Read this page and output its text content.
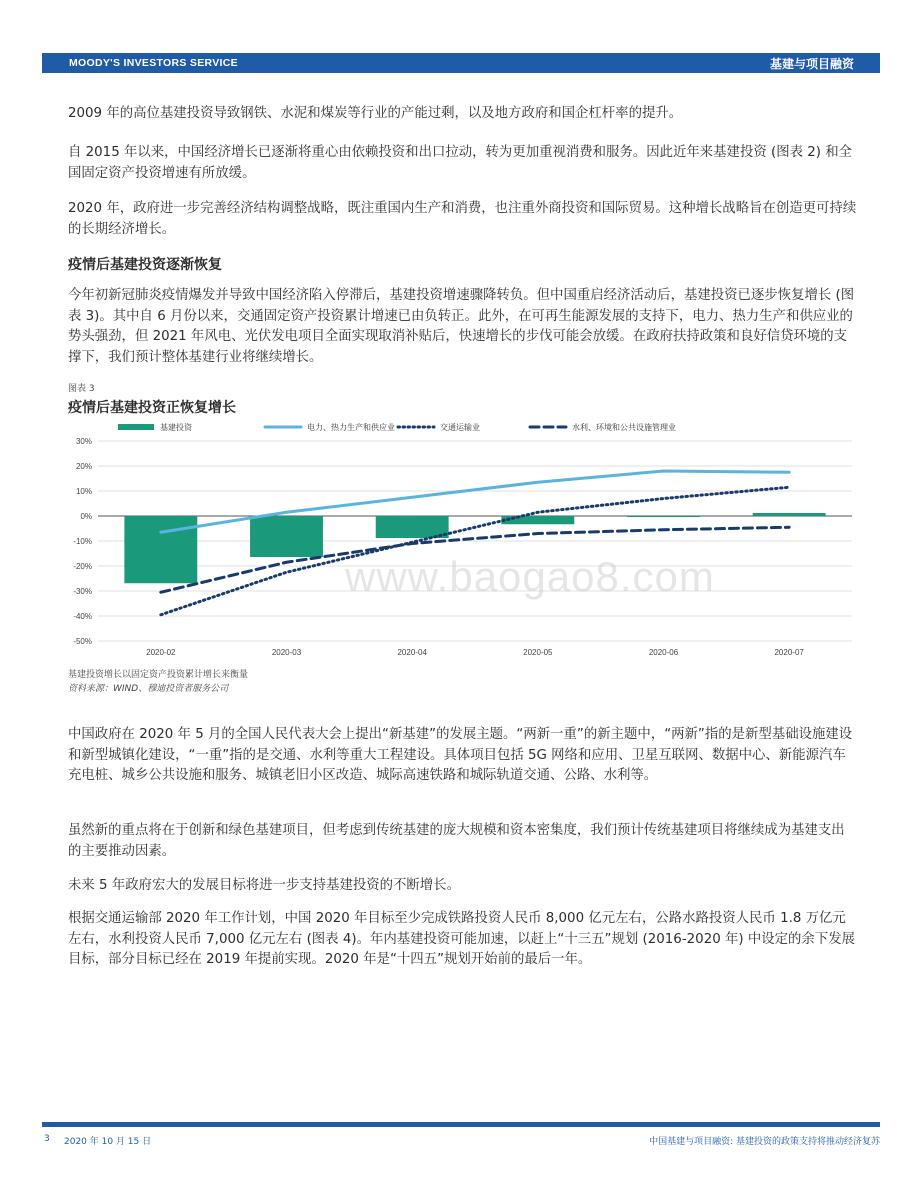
MOODY'S INVESTORS SERVICE	基建与项目融资

2009 年的高位基建投资导致钢铁、水泥和煤炭等行业的产能过剩，以及地方政府和国企杠杆率的提升。

自 2015 年以来，中国经济增长已逐渐将重心由依赖投资和出口拉动，转为更加重视消费和服务。因此近年来基建投资 (图表 2) 和全国固定资产投资增速有所放缓。

2020 年，政府进一步完善经济结构调整战略，既注重国内生产和消费，也注重外商投资和国际贸易。这种增长战略旨在创造更可持续的长期经济增长。

疫情后基建投资逐渐恢复

今年初新冠肺炎疫情爆发并导致中国经济陷入停滞后，基建投资增速骤降转负。但中国重启经济活动后，基建投资已逐步恢复增长 (图表 3)。其中自 6 月份以来，交通固定资产投资累计增速已由负转正。此外，在可再生能源发展的支持下，电力、热力生产和供应业的势头强劲，但 2021 年风电、光伏发电项目全面实现取消补贴后，快速增长的步伐可能会放缓。在政府扶持政策和良好信贷环境的支撑下，我们预计整体基建行业将继续增长。

图表 3
疫情后基建投资正恢复增长
30%
20%
10%
0%
-10%
-20%
-30%
-40%
-50%
2020-02	2020-03	2020-04	2020-05	2020-06	2020-07
基建投资	电力、热力生产和供应业	交通运输业	水利、环境和公共设施管理业
www.baogao8.com
基建投资增长以固定资产投资累计增长来衡量
资料来源：WIND、穆迪投资者服务公司

中国政府在 2020 年 5 月的全国人民代表大会上提出“新基建”的发展主题。“两新一重”的新主题中，“两新”指的是新型基础设施建设和新型城镇化建设，“一重”指的是交通、水利等重大工程建设。具体项目包括 5G 网络和应用、卫星互联网、数据中心、新能源汽车充电桩、城乡公共设施和服务、城镇老旧小区改造、城际高速铁路和城际轨道交通、公路、水利等。

虽然新的重点将在于创新和绿色基建项目，但考虑到传统基建的庞大规模和资本密集度，我们预计传统基建项目将继续成为基建支出的主要推动因素。

未来 5 年政府宏大的发展目标将进一步支持基建投资的不断增长。

根据交通运输部 2020 年工作计划，中国 2020 年目标至少完成铁路投资人民币 8,000 亿元左右，公路水路投资人民币 1.8 万亿元左右，水利投资人民币 7,000 亿元左右 (图表 4)。年内基建投资可能加速，以赶上“十三五”规划 (2016-2020 年) 中设定的余下发展目标，部分目标已经在 2019 年提前实现。2020 年是“十四五”规划开始前的最后一年。

3 2020 年 10 月 15 日	中国基建与项目融资: 基建投资的政策支持将推动经济复苏
